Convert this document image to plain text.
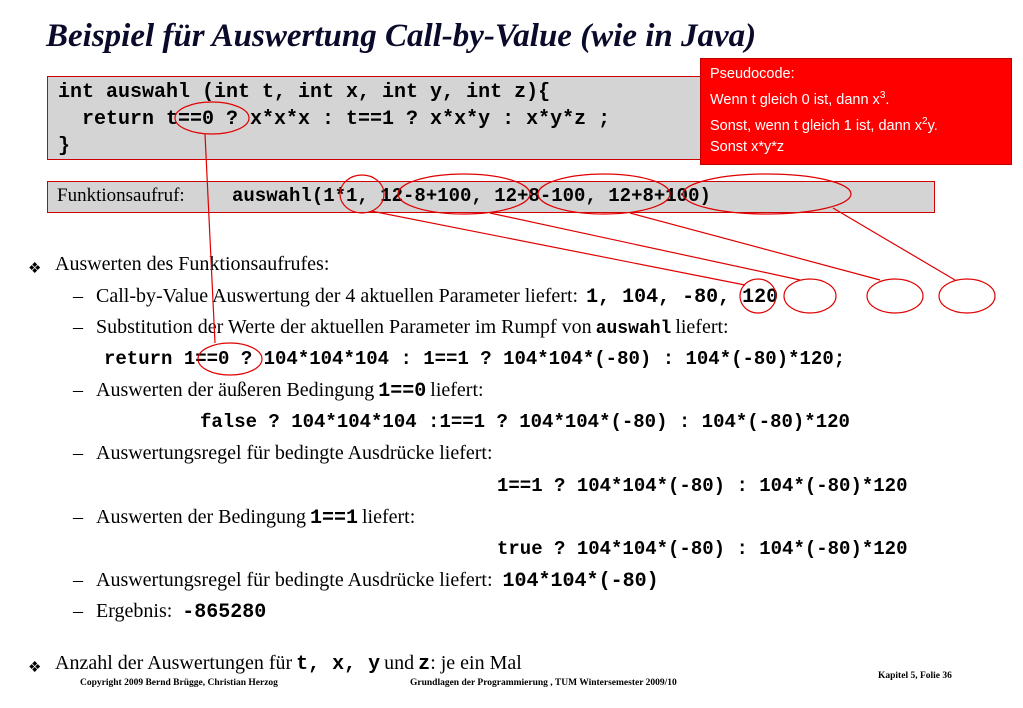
Beispiel für Auswertung Call-by-Value (wie in Java)
int auswahl (int t, int x, int y, int z){
return t==0 ? x*x*x : t==1 ? x*x*y : x*y*z ;
}
Pseudocode:
Wenn t gleich 0 ist, dann $x^3$.
Sonst, wenn t gleich 1 ist, dann $x^2y$.
Sonst x*y*z
Funktionsaufruf: auswahl(1*1, 12-8+100, 12+8-100, 12+8+100)
❖ Auswerten des Funktionsaufrufes:
– Call-by-Value Auswertung der 4 aktuellen Parameter liefert: 1, 104, -80, 120
– Substitution der Werte der aktuellen Parameter im Rumpf von auswahl liefert:
return 1==0 ? 104*104*104 : 1==1 ? 104*104*(-80) : 104*(-80)*120;
– Auswerten der äußeren Bedingung 1==0 liefert:
false ? 104*104*104 :1==1 ? 104*104*(-80) : 104*(-80)*120
– Auswertungsregel für bedingte Ausdrücke liefert:
1==1 ? 104*104*(-80) : 104*(-80)*120
– Auswerten der Bedingung 1==1 liefert:
true ? 104*104*(-80) : 104*(-80)*120
– Auswertungsregel für bedingte Ausdrücke liefert: 104*104*(-80)
– Ergebnis: -865280
❖ Anzahl der Auswertungen für t, x, y und z: je ein Mal
Copyright 2009 Bernd Brügge, Christian Herzog	Grundlagen der Programmierung , TUM Wintersemester 2009/10
Kapitel 5, Folie 36
